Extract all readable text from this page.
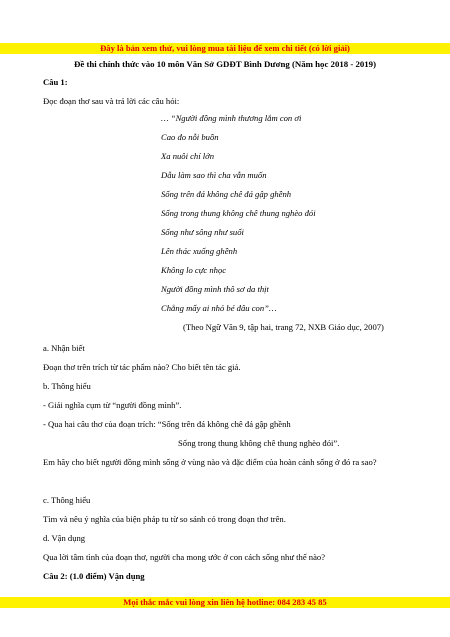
Đây là bản xem thử, vui lòng mua tài liệu để xem chi tiết (có lời giải)
Đề thi chính thức vào 10 môn Văn Sở GDĐT Bình Dương (Năm học 2018 - 2019)
Câu 1:
Đọc đoạn thơ sau và trả lời các câu hỏi:
… “Người đồng mình thương lắm con ơi
Cao đo nỗi buồn
Xa nuôi chí lớn
Dẫu làm sao thì cha vẫn muốn
Sống trên đá không chê đá gập ghềnh
Sống trong thung không chê thung nghèo đói
Sống như sông như suối
Lên thác xuống ghềnh
Không lo cực nhọc
Người đồng mình thô sơ da thịt
Chẳng mấy ai nhỏ bé đâu con”…
(Theo Ngữ Văn 9, tập hai, trang 72, NXB Giáo dục, 2007)
a. Nhận biết
Đoạn thơ trên trích từ tác phẩm nào? Cho biết tên tác giả.
b. Thông hiểu
- Giải nghĩa cụm từ “người đồng mình”.
- Qua hai câu thơ của đoạn trích: “Sống trên đá không chê đá gập ghềnh
Sống trong thung không chê thung nghèo đói”.
Em hãy cho biết người đồng mình sống ở vùng nào và đặc điểm của hoàn cảnh sống ở đó ra sao?
c. Thông hiểu
Tìm và nêu ý nghĩa của biện pháp tu từ so sánh có trong đoạn thơ trên.
d. Vận dụng
Qua lời tâm tình của đoạn thơ, người cha mong ước ở con cách sống như thế nào?
Câu 2: (1.0 điểm) Vận dụng
Mọi thắc mắc vui lòng xin liên hệ hotline: 084 283 45 85
